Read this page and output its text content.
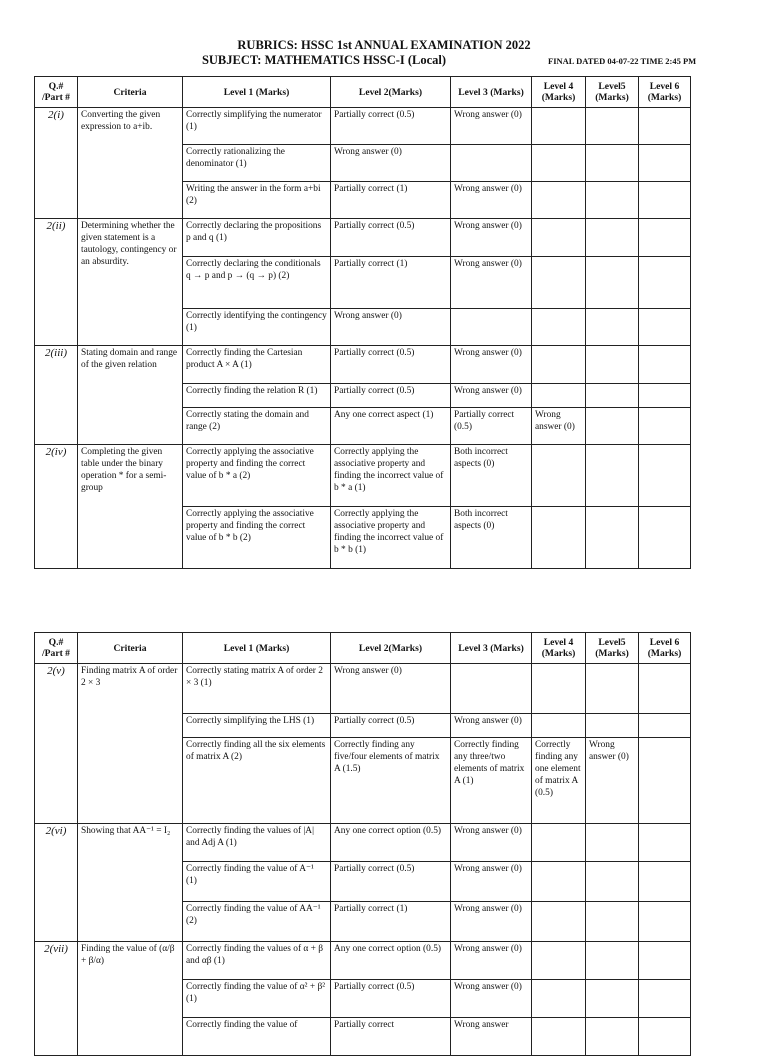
RUBRICS: HSSC 1st ANNUAL EXAMINATION 2022
SUBJECT: MATHEMATICS HSSC-I (Local)	FINAL DATED 04-07-22 TIME 2:45 PM
Q.# /Part #	Criteria	Level 1 (Marks)	Level 2(Marks)	Level 3 (Marks)	Level 4 (Marks)	Level5 (Marks)	Level 6 (Marks)
2(i)	Converting the given expression to a+ib.	Correctly simplifying the numerator (1)	Partially correct (0.5)	Wrong answer (0)			
		Correctly rationalizing the denominator (1)	Wrong answer (0)				
		Writing the answer in the form a+bi (2)	Partially correct (1)	Wrong answer (0)			
2(ii)	Determining whether the given statement is a tautology, contingency or an absurdity.	Correctly declaring the propositions p and q (1)	Partially correct (0.5)	Wrong answer (0)			
		Correctly declaring the conditionals q → p and p → (q → p) (2)	Partially correct (1)	Wrong answer (0)			
		Correctly identifying the contingency (1)	Wrong answer (0)				
2(iii)	Stating domain and range of the given relation	Correctly finding the Cartesian product A × A (1)	Partially correct (0.5)	Wrong answer (0)			
		Correctly finding the relation R (1)	Partially correct (0.5)	Wrong answer (0)			
		Correctly stating the domain and range (2)	Any one correct aspect (1)	Partially correct (0.5)	Wrong answer (0)		
2(iv)	Completing the given table under the binary operation * for a semi-group	Correctly applying the associative property and finding the correct value of b * a (2)	Correctly applying the associative property and finding the incorrect value of b * a (1)	Both incorrect aspects (0)			
		Correctly applying the associative property and finding the correct value of b * b (2)	Correctly applying the associative property and finding the incorrect value of b * b (1)	Both incorrect aspects (0)			
Q.# /Part #	Criteria	Level 1 (Marks)	Level 2(Marks)	Level 3 (Marks)	Level 4 (Marks)	Level5 (Marks)	Level 6 (Marks)
2(v)	Finding matrix A of order 2 × 3	Correctly stating matrix A of order 2 × 3 (1)	Wrong answer (0)				
		Correctly simplifying the LHS (1)	Partially correct (0.5)	Wrong answer (0)			
		Correctly finding all the six elements of matrix A (2)	Correctly finding any five/four elements of matrix A (1.5)	Correctly finding any three/two elements of matrix A (1)	Correctly finding any one element of matrix A (0.5)	Wrong answer (0)	
2(vi)	Showing that AA⁻¹ = I₂	Correctly finding the values of |A| and Adj A (1)	Any one correct option (0.5)	Wrong answer (0)			
		Correctly finding the value of A⁻¹ (1)	Partially correct (0.5)	Wrong answer (0)			
		Correctly finding the value of AA⁻¹ (2)	Partially correct (1)	Wrong answer (0)			
2(vii)	Finding the value of (α/β + β/α)	Correctly finding the values of α + β and αβ (1)	Any one correct option (0.5)	Wrong answer (0)			
		Correctly finding the value of α² + β² (1)	Partially correct (0.5)	Wrong answer (0)			
		Correctly finding the value of	Partially correct	Wrong answer			
